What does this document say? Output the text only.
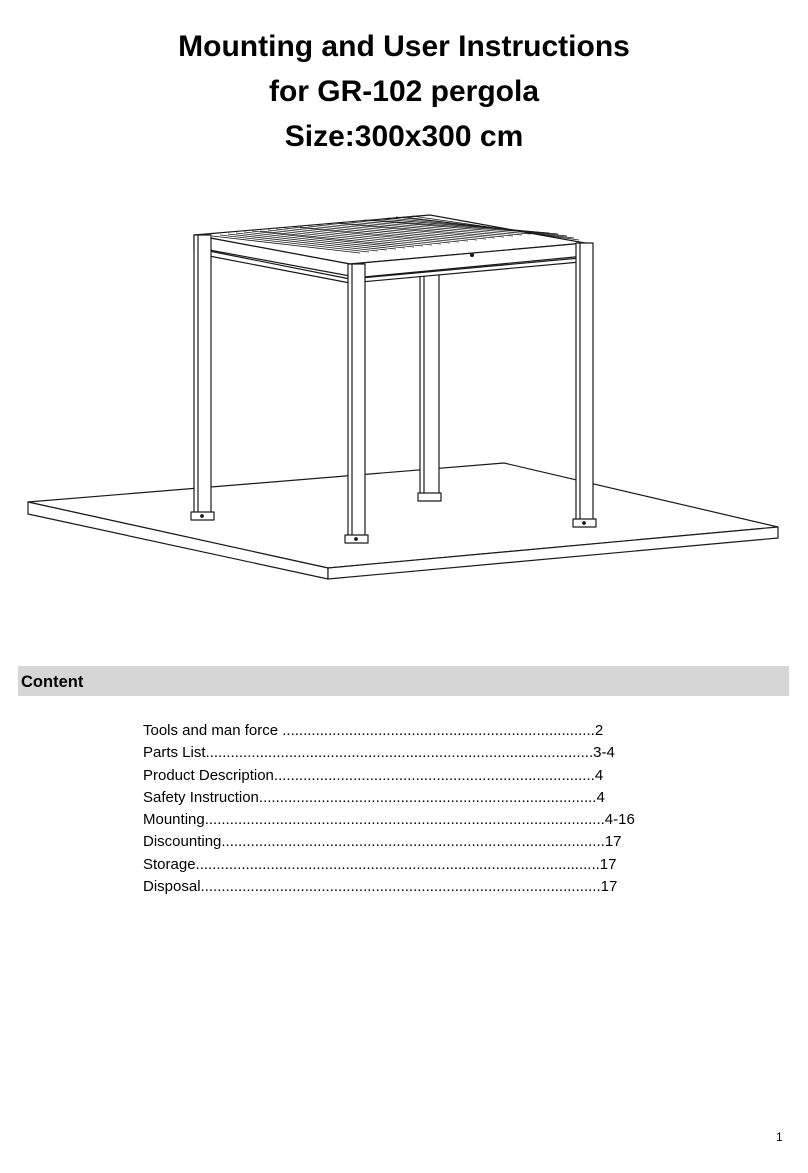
Mounting and User Instructions
for GR-102 pergola
Size:300x300 cm
Content
Tools and man force ...........................................................................2
Parts List.............................................................................................3-4
Product Description.............................................................................4
Safety Instruction.................................................................................4
Mounting................................................................................................4-16
Discounting............................................................................................17
Storage.................................................................................................17
Disposal................................................................................................17
1
